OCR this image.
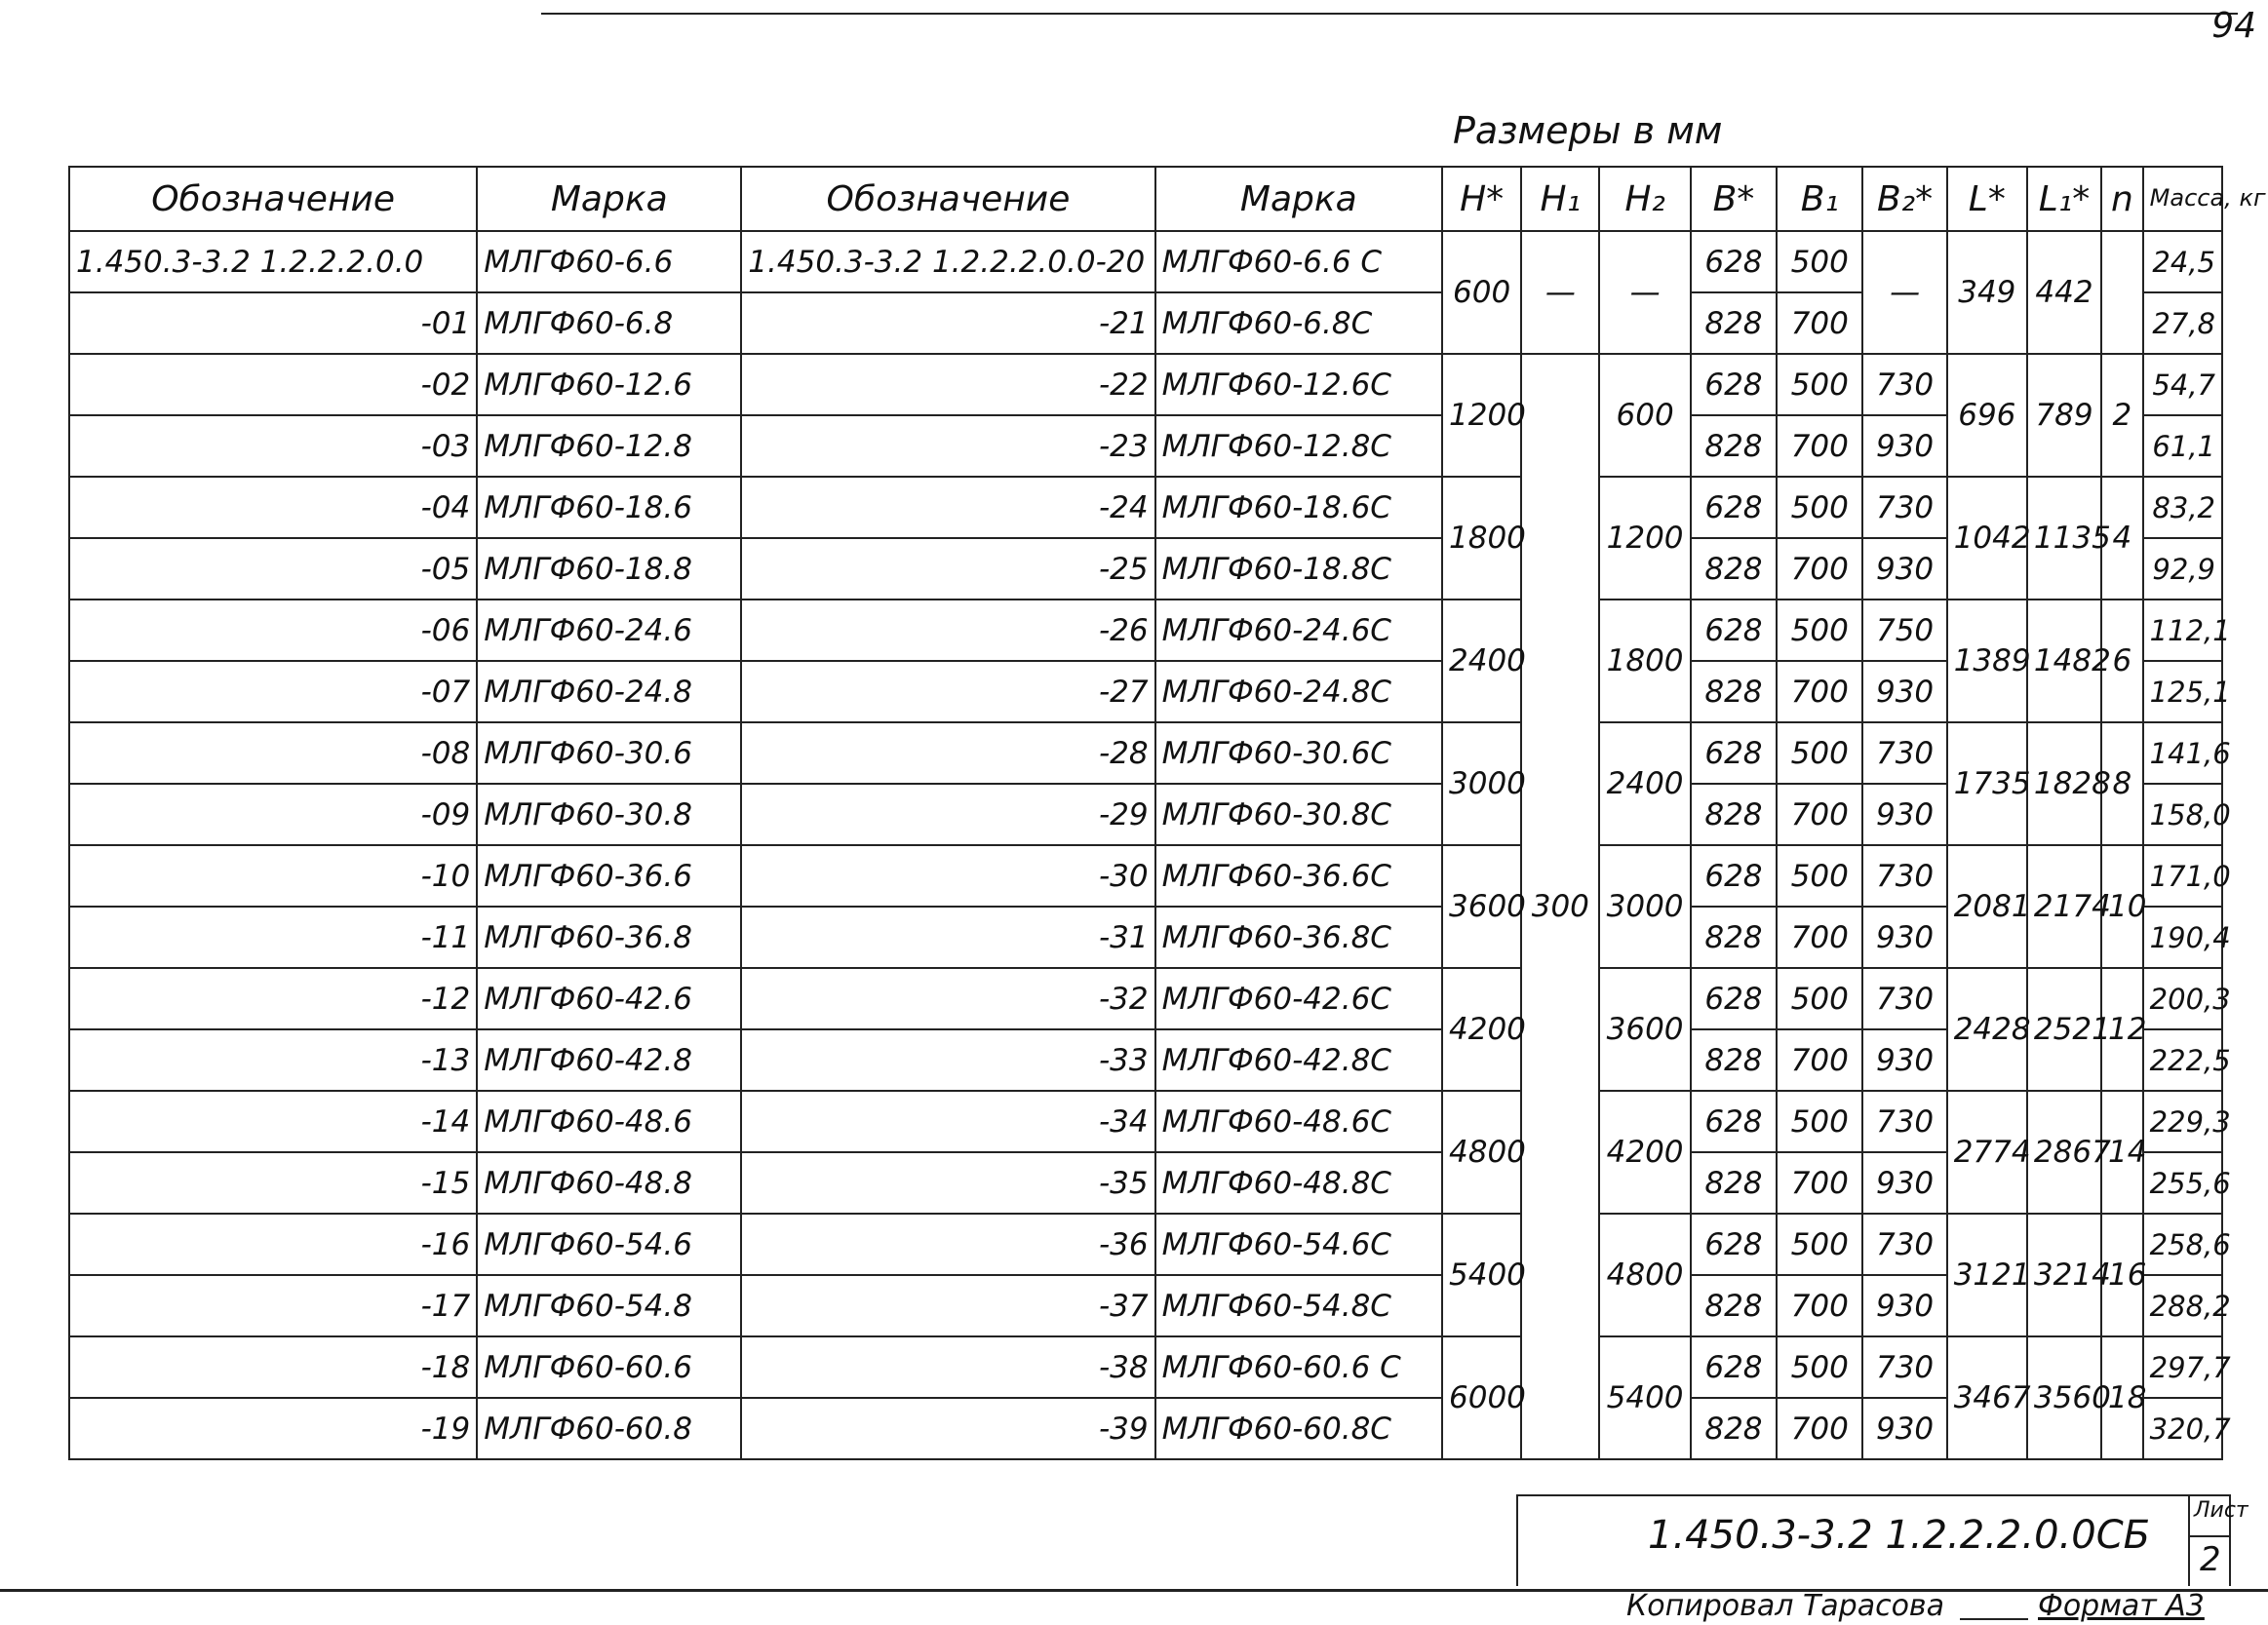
94
Размеры в мм
Обозначение	Марка	Обозначение	Марка	H*	H₁	H₂	B*	B₁	B₂*	L*	L₁*	n	Масса, кг
1.450.3-3.2 1.2.2.2.0.0	МЛГФ60-6.6	1.450.3-3.2 1.2.2.2.0.0-20	МЛГФ60-6.6 С	600	—	—	628	500	—	349	442		24,5
-01	МЛГФ60-6.8	-21	МЛГФ60-6.8С				828	700					27,8
-02	МЛГФ60-12.6	-22	МЛГФ60-12.6С	1200	300	600	628	500	730	696	789	2	54,7
-03	МЛГФ60-12.8	-23	МЛГФ60-12.8С				828	700	930				61,1
-04	МЛГФ60-18.6	-24	МЛГФ60-18.6С	1800		1200	628	500	730	1042	1135	4	83,2
-05	МЛГФ60-18.8	-25	МЛГФ60-18.8С				828	700	930				92,9
-06	МЛГФ60-24.6	-26	МЛГФ60-24.6С	2400		1800	628	500	750	1389	1482	6	112,1
-07	МЛГФ60-24.8	-27	МЛГФ60-24.8С				828	700	930				125,1
-08	МЛГФ60-30.6	-28	МЛГФ60-30.6С	3000		2400	628	500	730	1735	1828	8	141,6
-09	МЛГФ60-30.8	-29	МЛГФ60-30.8С				828	700	930				158,0
-10	МЛГФ60-36.6	-30	МЛГФ60-36.6С	3600		3000	628	500	730	2081	2174	10	171,0
-11	МЛГФ60-36.8	-31	МЛГФ60-36.8С				828	700	930				190,4
-12	МЛГФ60-42.6	-32	МЛГФ60-42.6С	4200		3600	628	500	730	2428	2521	12	200,3
-13	МЛГФ60-42.8	-33	МЛГФ60-42.8С				828	700	930				222,5
-14	МЛГФ60-48.6	-34	МЛГФ60-48.6С	4800		4200	628	500	730	2774	2867	14	229,3
-15	МЛГФ60-48.8	-35	МЛГФ60-48.8С				828	700	930				255,6
-16	МЛГФ60-54.6	-36	МЛГФ60-54.6С	5400		4800	628	500	730	3121	3214	16	258,6
-17	МЛГФ60-54.8	-37	МЛГФ60-54.8С				828	700	930				288,2
-18	МЛГФ60-60.6	-38	МЛГФ60-60.6 С	6000		5400	628	500	730	3467	3560	18	297,7
-19	МЛГФ60-60.8	-39	МЛГФ60-60.8С				828	700	930				320,7
1.450.3-3.2 1.2.2.2.0.0СБ
Лист
2
Копировал Тарасова	Формат А3
